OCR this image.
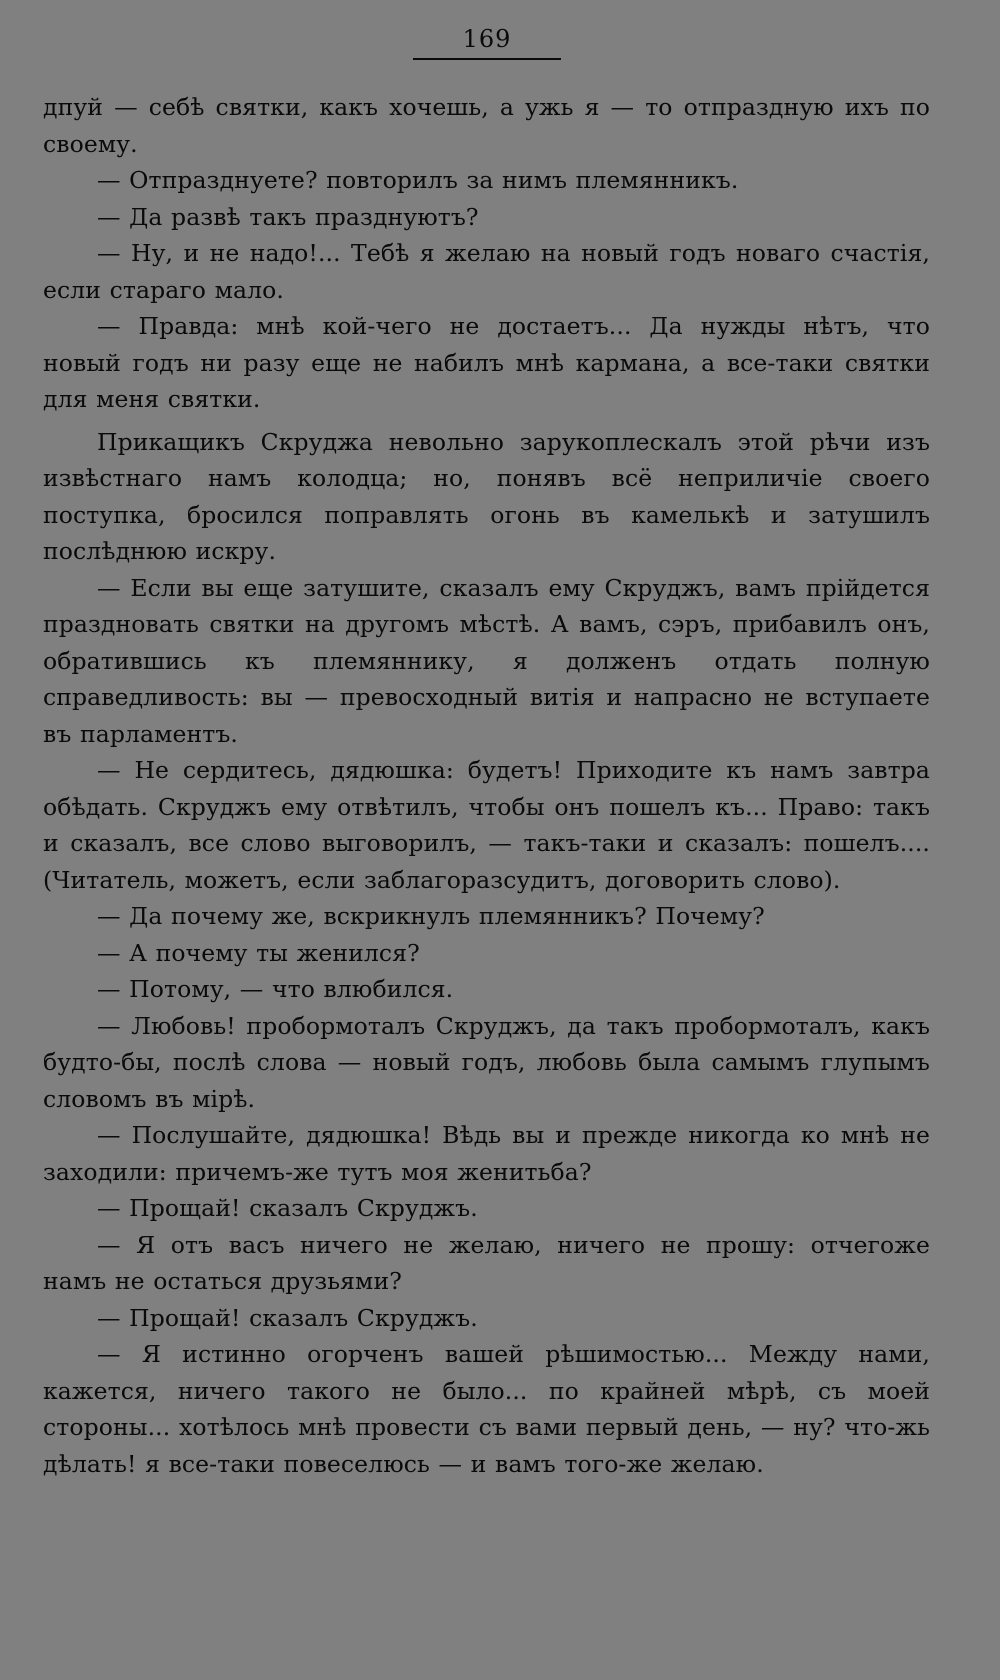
169

дпуй — себѣ святки, какъ хочешь, а ужь я — то отпраздную ихъ по своему.

— Отпразднуете? повторилъ за нимъ племянникъ.

— Да развѣ такъ празднуютъ?

— Ну, и не надо!... Тебѣ я желаю на новый годъ новаго счастія, если стараго мало.

— Правда: мнѣ кой-чего не достаетъ... Да нужды нѣтъ, что новый годъ ни разу еще не набилъ мнѣ кармана, а все-таки святки для меня святки.

Прикащикъ Скруджа невольно зарукоплескалъ этой рѣчи изъ извѣстнаго намъ колодца; но, понявъ всё неприличіе своего поступка, бросился поправлять огонь въ камелькѣ и затушилъ послѣднюю искру.

— Если вы еще затушите, сказалъ ему Скруджъ, вамъ прійдется праздновать святки на другомъ мѣстѣ. А вамъ, сэръ, прибавилъ онъ, обратившись къ племяннику, я долженъ отдать полную справедливость: вы — превосходный витія и напрасно не вступаете въ парламентъ.

— Не сердитесь, дядюшка: будетъ! Приходите къ намъ завтра обѣдать. Скруджъ ему отвѣтилъ, чтобы онъ пошелъ къ... Право: такъ и сказалъ, все слово выговорилъ, — такъ-таки и сказалъ: пошелъ.... (Читатель, можетъ, если заблагоразсудитъ, договорить слово).

— Да почему же, вскрикнулъ племянникъ? Почему?

— А почему ты женился?

— Потому, — что влюбился.

— Любовь! пробормоталъ Скруджъ, да такъ пробормоталъ, какъ будто-бы, послѣ слова — новый годъ, любовь была самымъ глупымъ словомъ въ мірѣ.

— Послушайте, дядюшка! Вѣдь вы и прежде никогда ко мнѣ не заходили: причемъ-же тутъ моя женитьба?

— Прощай! сказалъ Скруджъ.

— Я отъ васъ ничего не желаю, ничего не прошу: отчегоже намъ не остаться друзьями?

— Прощай! сказалъ Скруджъ.

— Я истинно огорченъ вашей рѣшимостью... Между нами, кажется, ничего такого не было... по крайней мѣрѣ, съ моей стороны... хотѣлось мнѣ провести съ вами первый день, — ну? что-жь дѣлать! я все-таки повеселюсь — и вамъ того-же желаю.
